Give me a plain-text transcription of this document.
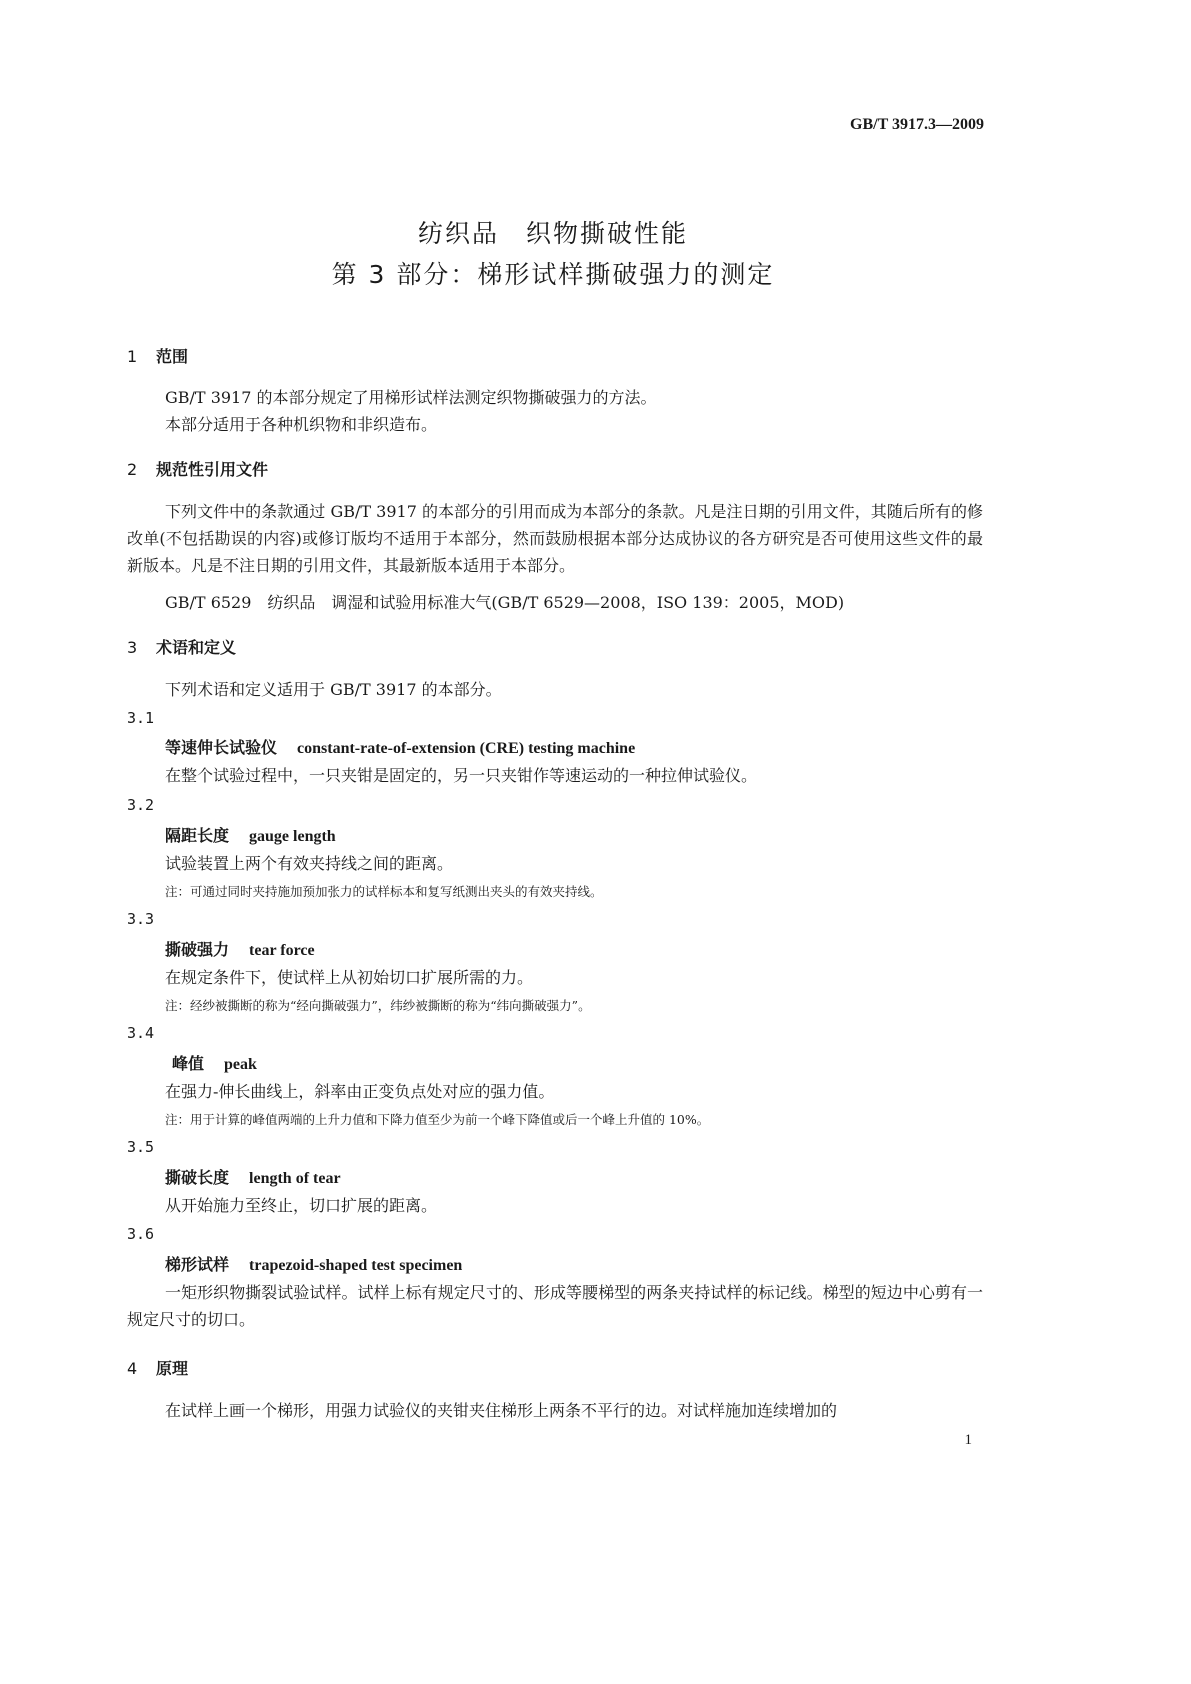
GB/T 3917.3—2009
纺织品　织物撕破性能
第 3 部分：梯形试样撕破强力的测定
1 范围
GB/T 3917 的本部分规定了用梯形试样法测定织物撕破强力的方法。
本部分适用于各种机织物和非织造布。
2 规范性引用文件
下列文件中的条款通过 GB/T 3917 的本部分的引用而成为本部分的条款。凡是注日期的引用文件，其随后所有的修改单(不包括勘误的内容)或修订版均不适用于本部分，然而鼓励根据本部分达成协议的各方研究是否可使用这些文件的最新版本。凡是不注日期的引用文件，其最新版本适用于本部分。
GB/T 6529　纺织品　调湿和试验用标准大气(GB/T 6529—2008，ISO 139：2005，MOD)
3 术语和定义
下列术语和定义适用于 GB/T 3917 的本部分。
3.1
等速伸长试验仪 constant-rate-of-extension (CRE) testing machine
在整个试验过程中，一只夹钳是固定的，另一只夹钳作等速运动的一种拉伸试验仪。
3.2
隔距长度 gauge length
试验装置上两个有效夹持线之间的距离。
注：可通过同时夹持施加预加张力的试样标本和复写纸测出夹头的有效夹持线。
3.3
撕破强力 tear force
在规定条件下，使试样上从初始切口扩展所需的力。
注：经纱被撕断的称为“经向撕破强力”，纬纱被撕断的称为“纬向撕破强力”。
3.4
峰值 peak
在强力-伸长曲线上，斜率由正变负点处对应的强力值。
注：用于计算的峰值两端的上升力值和下降力值至少为前一个峰下降值或后一个峰上升值的 10%。
3.5
撕破长度 length of tear
从开始施力至终止，切口扩展的距离。
3.6
梯形试样 trapezoid-shaped test specimen
一矩形织物撕裂试验试样。试样上标有规定尺寸的、形成等腰梯型的两条夹持试样的标记线。梯型的短边中心剪有一规定尺寸的切口。
4 原理
在试样上画一个梯形，用强力试验仪的夹钳夹住梯形上两条不平行的边。对试样施加连续增加的
1
